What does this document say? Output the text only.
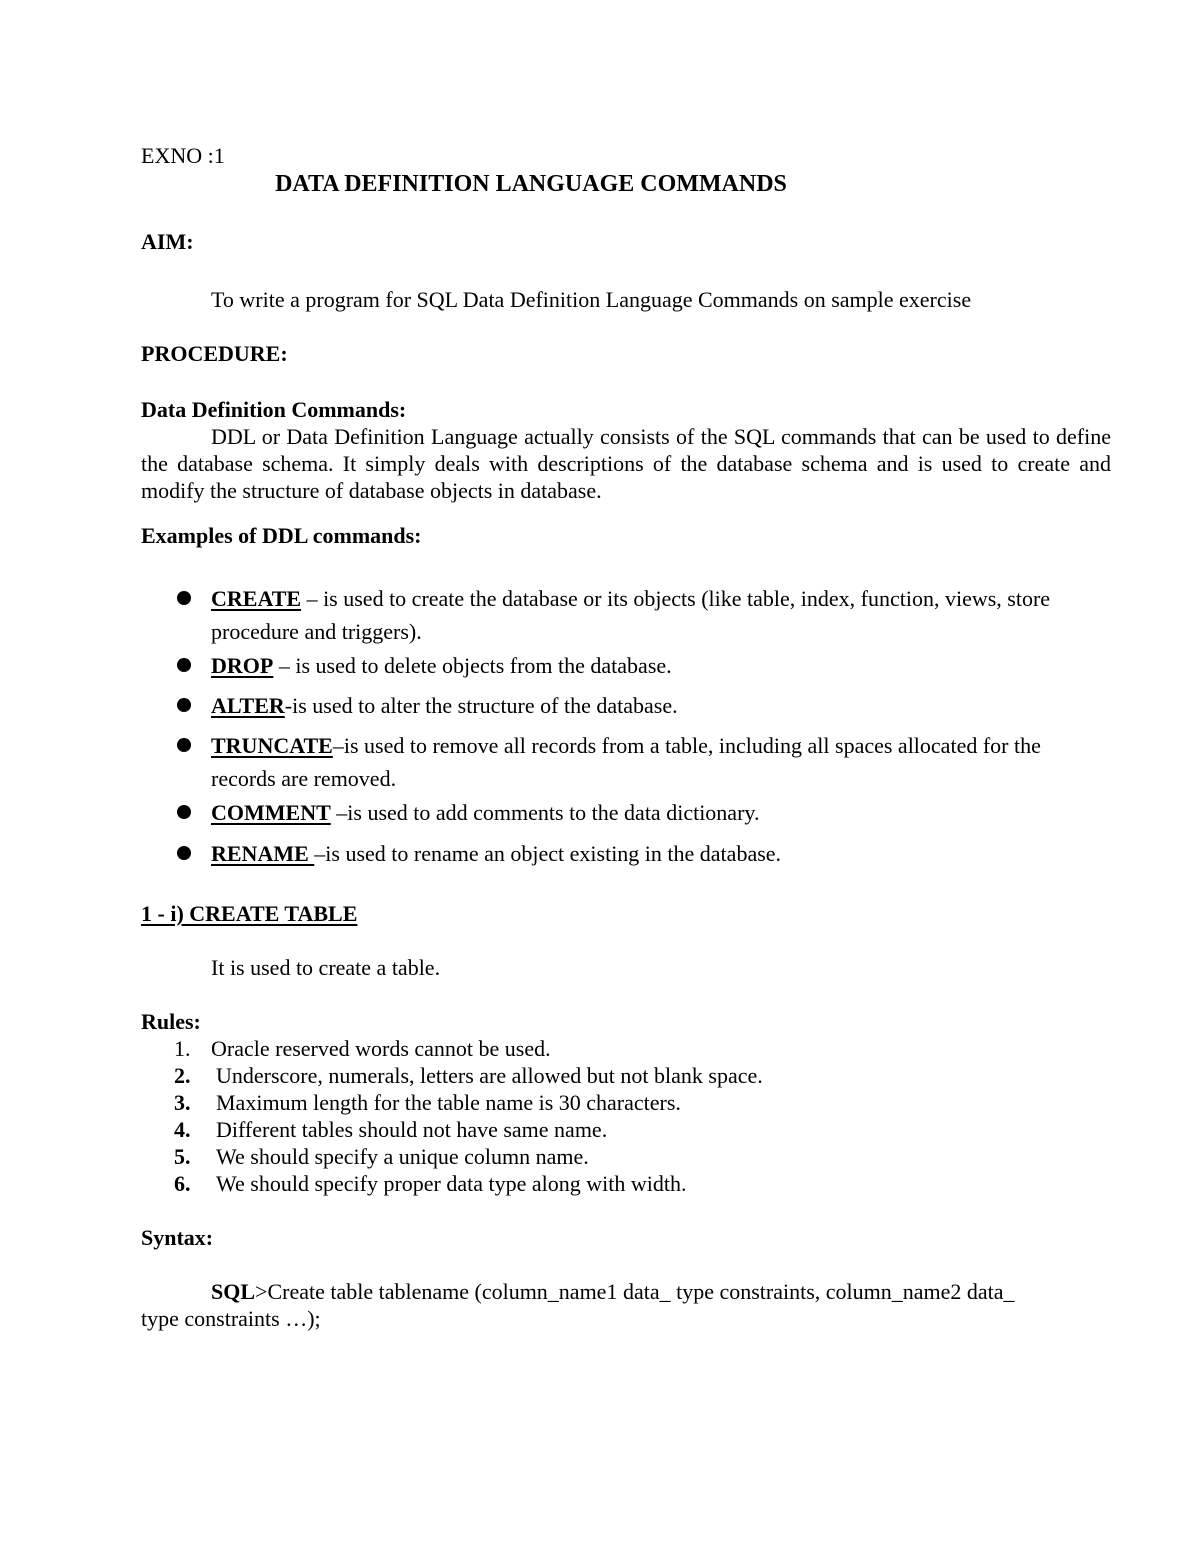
EXNO :1
DATA DEFINITION LANGUAGE COMMANDS
AIM:
To write a program for SQL Data Definition Language Commands on sample exercise
PROCEDURE:
Data Definition Commands:
DDL or Data Definition Language actually consists of the SQL commands that can be used to define the database schema. It simply deals with descriptions of the database schema and is used to create and modify the structure of database objects in database.
Examples of DDL commands:
CREATE – is used to create the database or its objects (like table, index, function, views, store procedure and triggers).
DROP – is used to delete objects from the database.
ALTER-is used to alter the structure of the database.
TRUNCATE–is used to remove all records from a table, including all spaces allocated for the records are removed.
COMMENT –is used to add comments to the data dictionary.
RENAME –is used to rename an object existing in the database.
1 - i) CREATE TABLE
It is used to create a table.
Rules:
1. Oracle reserved words cannot be used.
2. Underscore, numerals, letters are allowed but not blank space.
3. Maximum length for the table name is 30 characters.
4. Different tables should not have same name.
5. We should specify a unique column name.
6. We should specify proper data type along with width.
Syntax:
SQL>Create table tablename (column_name1 data_ type constraints, column_name2 data_
type constraints …);
